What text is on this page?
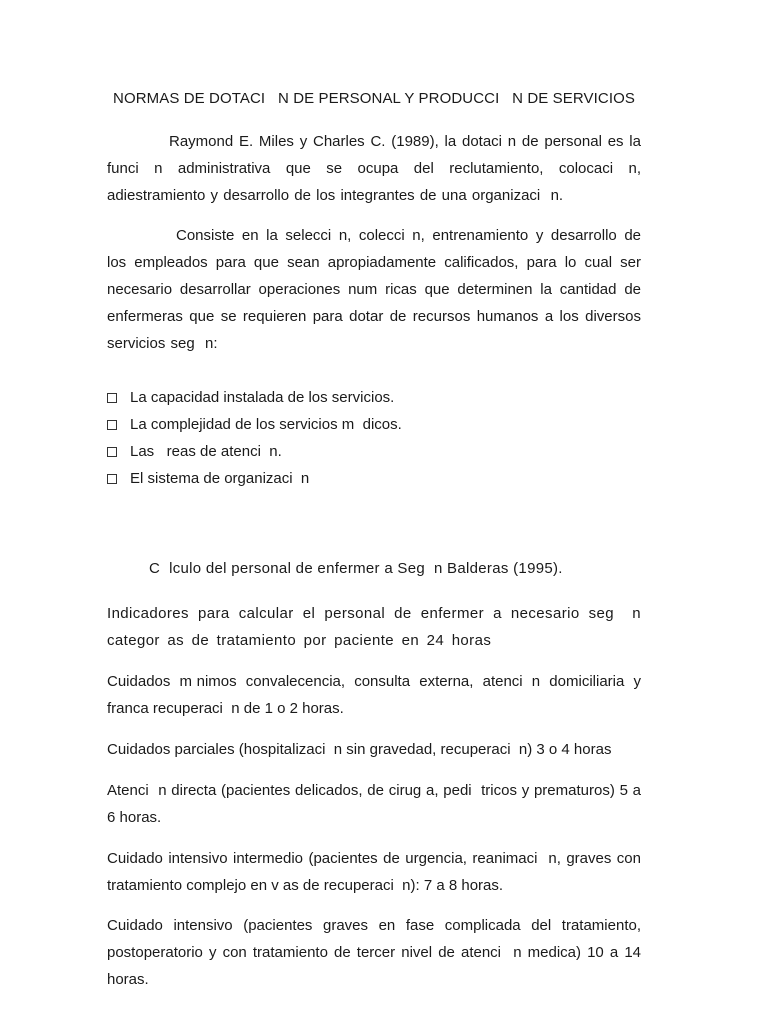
NORMAS DE DOTACI   N DE PERSONAL Y PRODUCCI   N DE SERVICIOS

Raymond E. Miles y Charles C. (1989), la dotaci n de personal es la funci n administrativa que se ocupa del reclutamiento, colocaci n, adiestramiento y desarrollo de los integrantes de una organizaci  n.

Consiste en la selecci n, colecci n, entrenamiento y desarrollo de los empleados para que sean apropiadamente calificados, para lo cual ser   necesario desarrollar operaciones num ricas que determinen la cantidad de enfermeras que se requieren para dotar de recursos humanos a los diversos servicios seg  n:

La capacidad instalada de los servicios.
La complejidad de los servicios m  dicos.
Las   reas de atenci  n.
El sistema de organizaci  n
C  lculo del personal de enfermer a Seg  n Balderas (1995).

Indicadores para calcular el personal de enfermer a necesario seg  n categor as de tratamiento por paciente en 24 horas

Cuidados  m nimos  convalecencia,  consulta  externa,  atenci  n  domiciliaria  y franca recuperaci  n de 1 o 2 horas.

Cuidados parciales (hospitalizaci  n sin gravedad, recuperaci  n) 3 o 4 horas

Atenci  n directa (pacientes delicados, de cirug a, pedi  tricos y prematuros) 5 a 6 horas.

Cuidado intensivo intermedio (pacientes de urgencia, reanimaci  n, graves con tratamiento complejo en v as de recuperaci  n): 7 a 8 horas.

Cuidado  intensivo  (pacientes  graves  en  fase  complicada  del  tratamiento, postoperatorio y con tratamiento de tercer nivel de atenci  n medica) 10 a 14 horas.
